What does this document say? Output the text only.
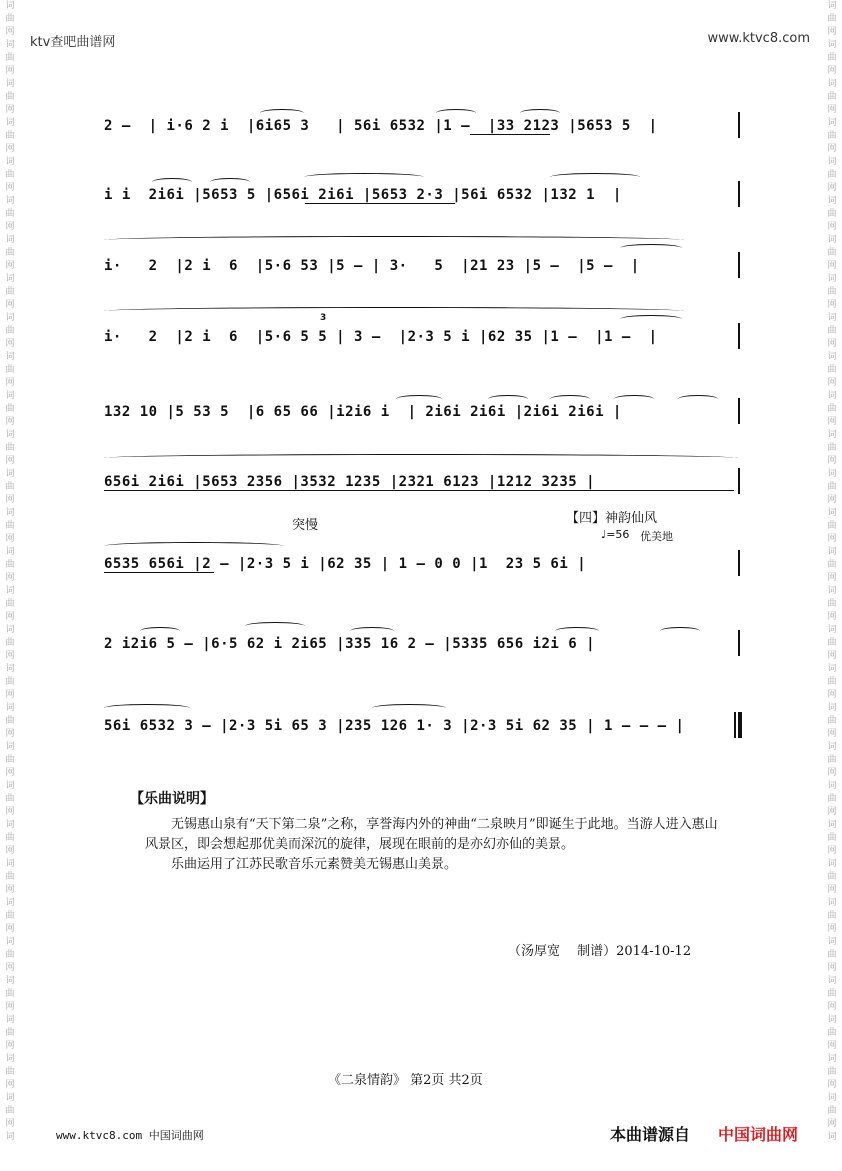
词
曲
网
词
曲
网
词
曲
网
词
曲
网
词
曲
网
词
曲
网
词
曲
网
词
曲
网
词
曲
网
词
曲
网
词
曲
网
词
曲
网
词
曲
网
词
曲
网
词
曲
网
词
曲
网
词
曲
网
词
曲
网
词
曲
网
词
曲
网
词
曲
网
词
曲
网
词
曲
网
词
曲
网
词
曲
网
词
曲
网
词
曲
网
词
曲
网
词
曲
网
词
词
曲
网
词
曲
网
词
曲
网
词
曲
网
词
曲
网
词
曲
网
词
曲
网
词
曲
网
词
曲
网
词
曲
网
词
曲
网
词
曲
网
词
曲
网
词
曲
网
词
曲
网
词
曲
网
词
曲
网
词
曲
网
词
曲
网
词
曲
网
词
曲
网
词
曲
网
词
曲
网
词
曲
网
词
曲
网
词
曲
网
词
曲
网
词
曲
网
词
曲
网
词
ktv查吧曲谱网	www.ktvc8.com
2 –  | i·6 2 i  |6i65 3   | 56i 6532 |1 –  |33 2123 |5653 5  |
i i  2i6i |5653 5 |656i 2i6i |5653 2·3 |56i 6532 |132 1  |
i·   2  |2 i  6  |5·6 53 |5 – | 3·   5  |21 23 |5 –  |5 –  |
i·   2  |2 i  6  |5·6 5 5 | 3 –  |2·3 5 i |62 35 |1 –  |1 –  |
3
132 10 |5 53 5  |6 65 66 |i2i6 i  | 2i6i 2i6i |2i6i 2i6i |
656i 2i6i |5653 2356 |3532 1235 |2321 6123 |1212 3235 |
突慢	【四】神韵仙风
♩=56 优美地
6535 656i |2 – |2·3 5 i |62 35 | 1 – 0 0 |1  23 5 6i |
2 i2i6 5 – |6·5 62 i 2i65 |335 16 2 – |5335 656 i2i 6 |
56i 6532 3 – |2·3 5i 65 3 |235 126 1· 3 |2·3 5i 62 35 | 1 – – – |
【乐曲说明】

无锡惠山泉有“天下第二泉”之称，享誉海内外的神曲“二泉映月”即诞生于此地。当游人进入惠山风景区，即会想起那优美而深沉的旋律，展现在眼前的是亦幻亦仙的美景。

乐曲运用了江苏民歌音乐元素赞美无锡惠山美景。

（汤厚宽　 制谱）2014-10-12
《二泉情韵》 第2页 共2页
www.ktvc8.com 中国词曲网	本曲谱源自 中国词曲网
